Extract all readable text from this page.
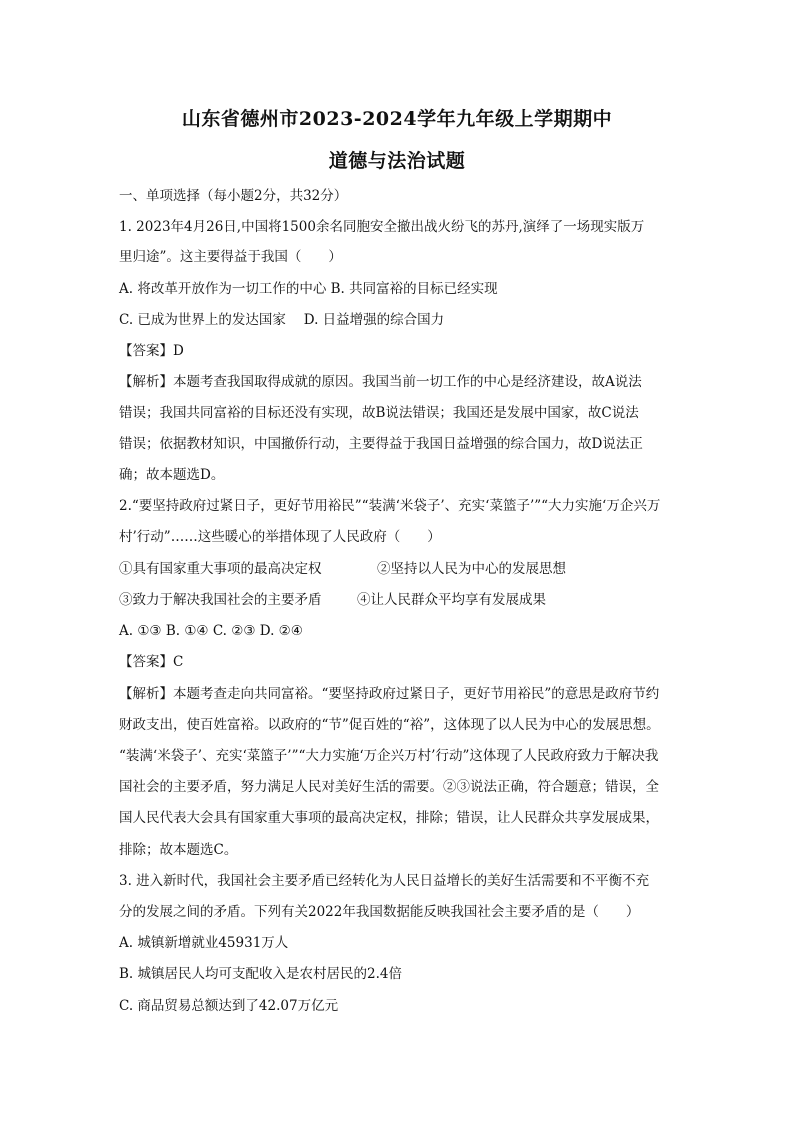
山东省德州市2023-2024学年九年级上学期期中
道德与法治试题
一、单项选择（每小题2分，共32分）
1. 2023年4月26日,中国将1500余名同胞安全撤出战火纷飞的苏丹,演绎了一场现实版万
里归途”。这主要得益于我国（　　）
A. 将改革开放作为一切工作的中心 B. 共同富裕的目标已经实现
C. 已成为世界上的发达国家　 D. 日益增强的综合国力
【答案】D
【解析】本题考查我国取得成就的原因。我国当前一切工作的中心是经济建设，故A说法
错误；我国共同富裕的目标还没有实现，故B说法错误；我国还是发展中国家，故C说法
错误；依据教材知识，中国撤侨行动，主要得益于我国日益增强的综合国力，故D说法正
确；故本题选D。
2.“要坚持政府过紧日子，更好节用裕民”“装满‘米袋子’、充实‘菜篮子’”“大力实施‘万企兴万
村’行动”……这些暖心的举措体现了人民政府（　　）
①具有国家重大事项的最高决定权	②坚持以人民为中心的发展思想
③致力于解决我国社会的主要矛盾	④让人民群众平均享有发展成果
A. ①③ B. ①④ C. ②③ D. ②④
【答案】C
【解析】本题考查走向共同富裕。“要坚持政府过紧日子，更好节用裕民”的意思是政府节约
财政支出，使百姓富裕。以政府的“节”促百姓的“裕”，这体现了以人民为中心的发展思想。
“装满‘米袋子’、充实‘菜篮子’”“大力实施‘万企兴万村’行动”这体现了人民政府致力于解决我
国社会的主要矛盾，努力满足人民对美好生活的需要。②③说法正确，符合题意；错误，全
国人民代表大会具有国家重大事项的最高决定权，排除；错误，让人民群众共享发展成果，
排除；故本题选C。
3. 进入新时代，我国社会主要矛盾已经转化为人民日益增长的美好生活需要和不平衡不充
分的发展之间的矛盾。下列有关2022年我国数据能反映我国社会主要矛盾的是（　　）
A. 城镇新增就业45931万人
B. 城镇居民人均可支配收入是农村居民的2.4倍
C. 商品贸易总额达到了42.07万亿元
